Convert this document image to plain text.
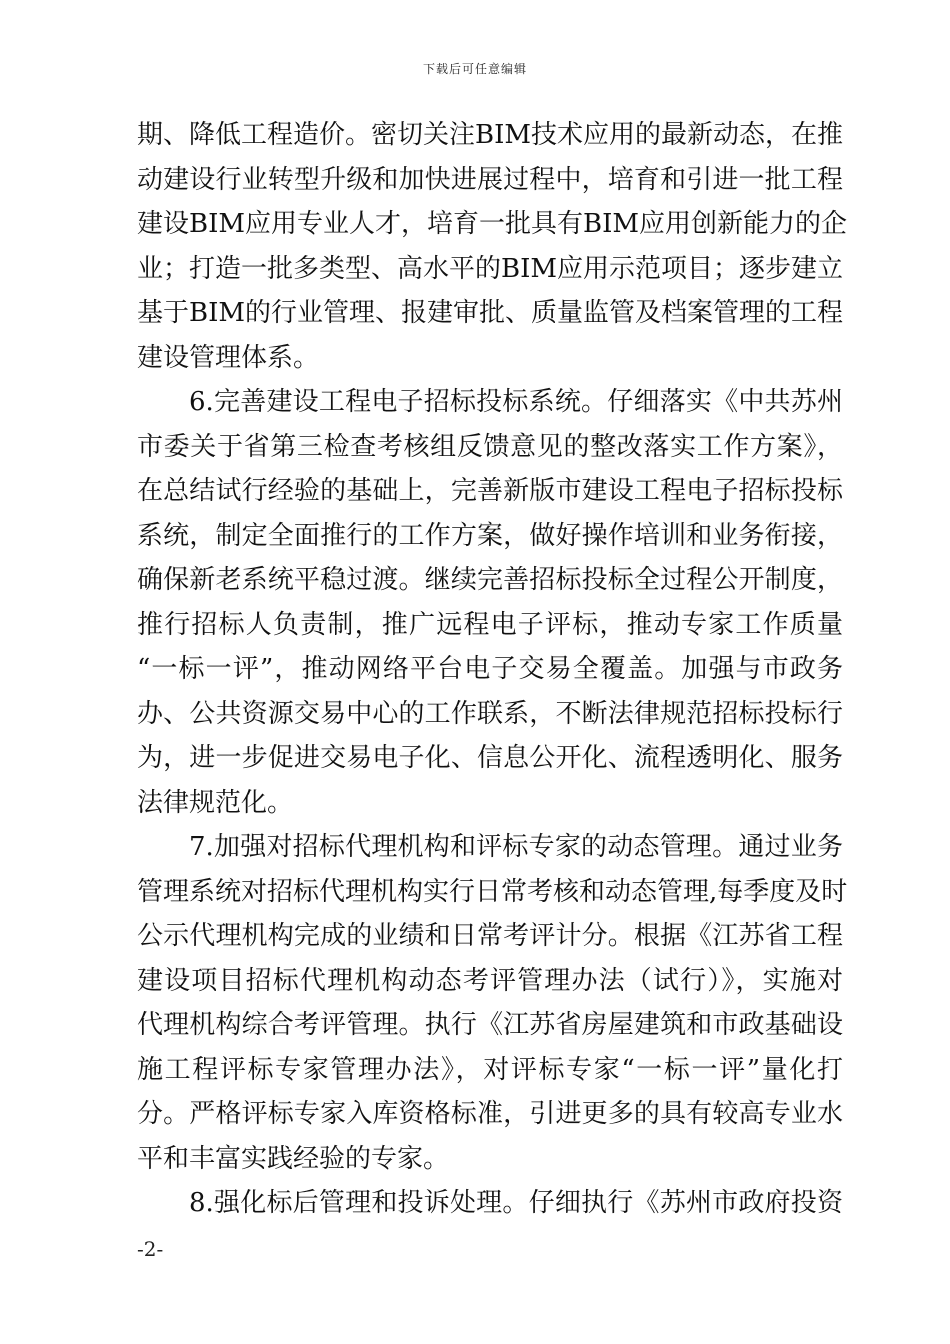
下载后可任意编辑
期、降低工程造价。密切关注BIM技术应用的最新动态，在推
动建设行业转型升级和加快进展过程中，培育和引进一批工程
建设BIM应用专业人才，培育一批具有BIM应用创新能力的企
业；打造一批多类型、高水平的BIM应用示范项目；逐步建立
基于BIM的行业管理、报建审批、质量监管及档案管理的工程
建设管理体系。
6.完善建设工程电子招标投标系统。仔细落实《中共苏州
市委关于省第三检查考核组反馈意见的整改落实工作方案》，
在总结试行经验的基础上，完善新版市建设工程电子招标投标
系统，制定全面推行的工作方案，做好操作培训和业务衔接，
确保新老系统平稳过渡。继续完善招标投标全过程公开制度，
推行招标人负责制，推广远程电子评标，推动专家工作质量
“一标一评”，推动网络平台电子交易全覆盖。加强与市政务
办、公共资源交易中心的工作联系，不断法律规范招标投标行
为，进一步促进交易电子化、信息公开化、流程透明化、服务
法律规范化。
7.加强对招标代理机构和评标专家的动态管理。通过业务
管理系统对招标代理机构实行日常考核和动态管理,每季度及时
公示代理机构完成的业绩和日常考评计分。根据《江苏省工程
建设项目招标代理机构动态考评管理办法（试行）》，实施对
代理机构综合考评管理。执行《江苏省房屋建筑和市政基础设
施工程评标专家管理办法》，对评标专家“一标一评”量化打
分。严格评标专家入库资格标准，引进更多的具有较高专业水
平和丰富实践经验的专家。
8.强化标后管理和投诉处理。仔细执行《苏州市政府投资
-2-
